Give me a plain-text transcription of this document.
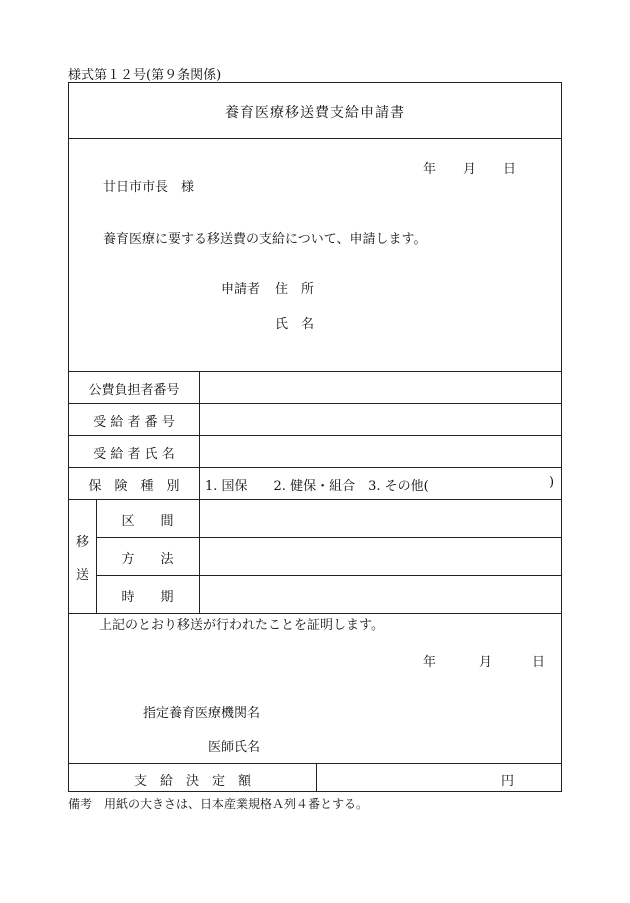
様式第１２号(第９条関係)
養育医療移送費支給申請書
年 月 日
廿日市市長　様
養育医療に要する移送費の支給について、申請します。
申請者 住　所
氏　名
公費負担者番号
受 給 者 番 号
受 給 者 氏 名
保　険　種　別	1. 国保　　2. 健保・組合　3. その他(	)
移
送
区　　間
方　　法
時　　期
上記のとおり移送が行われたことを証明します。
年	月	日
指定養育医療機関名
医師氏名
支　給　決　定　額	円
備考　用紙の大きさは、日本産業規格Ａ列４番とする。
